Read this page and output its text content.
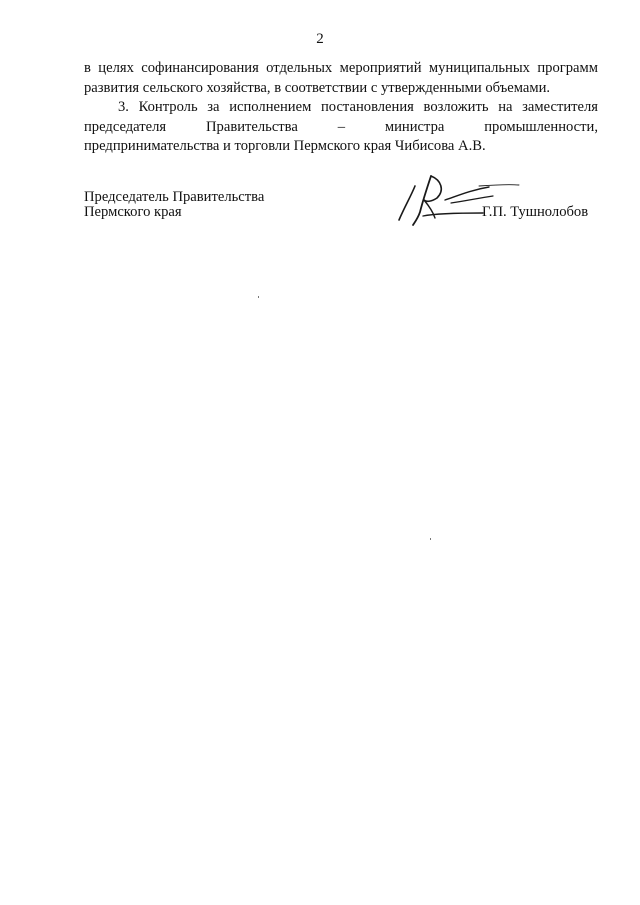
2
в целях софинансирования отдельных мероприятий муниципальных программ
развития сельского хозяйства, в соответствии с утвержденными объемами.
3. Контроль за исполнением постановления возложить на заместителя
председателя Правительства – министра промышленности,
предпринимательства и торговли Пермского края Чибисова А.В.
Председатель Правительства
Пермского края	Г.П. Тушнолобов
